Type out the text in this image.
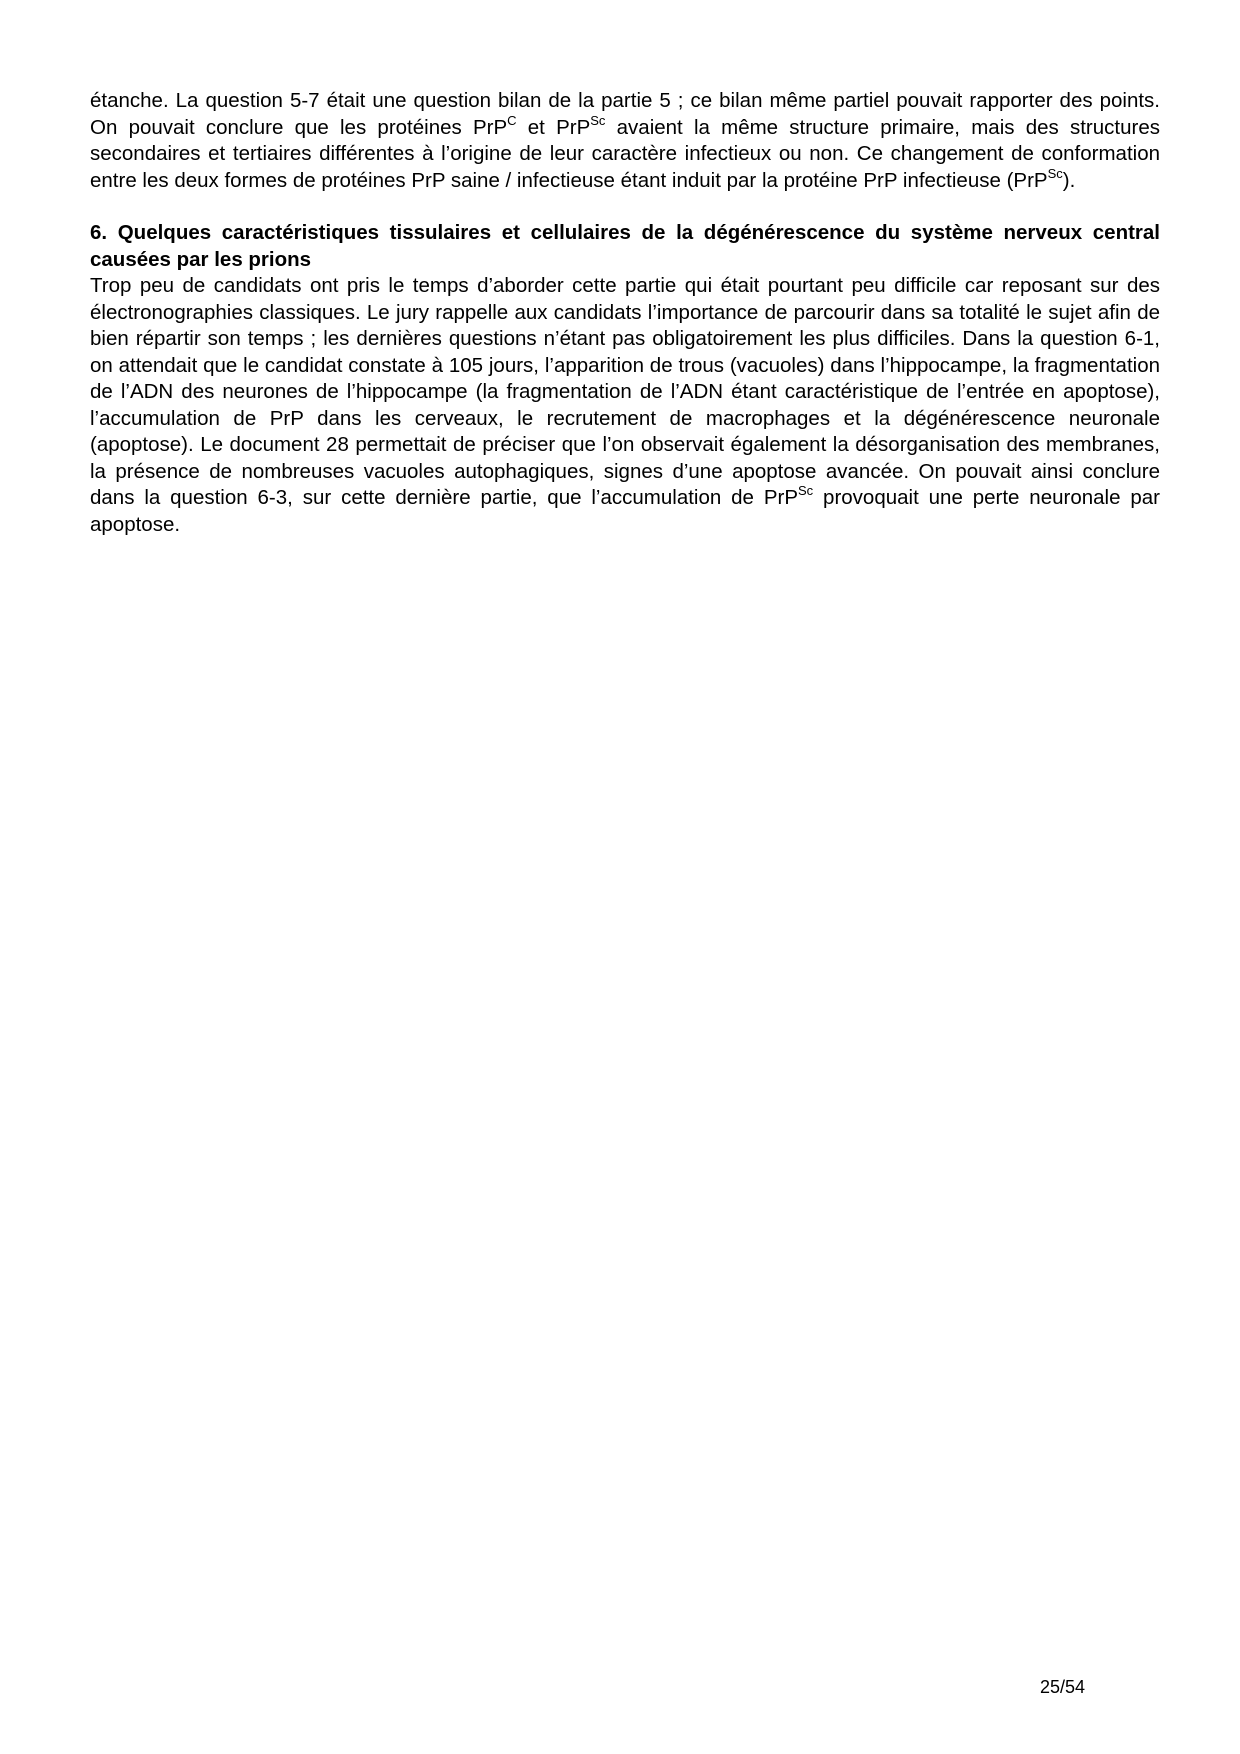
étanche. La question 5-7 était une question bilan de la partie 5 ; ce bilan même partiel pouvait rapporter des points. On pouvait conclure que les protéines PrP$^C$ et PrP$^{Sc}$ avaient la même structure primaire, mais des structures secondaires et tertiaires différentes à l’origine de leur caractère infectieux ou non. Ce changement de conformation entre les deux formes de protéines PrP saine / infectieuse étant induit par la protéine PrP infectieuse (PrP$^{Sc}$).

6. Quelques caractéristiques tissulaires et cellulaires de la dégénérescence du système nerveux central causées par les prions

Trop peu de candidats ont pris le temps d’aborder cette partie qui était pourtant peu difficile car reposant sur des électronographies classiques. Le jury rappelle aux candidats l’importance de parcourir dans sa totalité le sujet afin de bien répartir son temps ; les dernières questions n’étant pas obligatoirement les plus difficiles. Dans la question 6-1, on attendait que le candidat constate à 105 jours, l’apparition de trous (vacuoles) dans l’hippocampe, la fragmentation de l’ADN des neurones de l’hippocampe (la fragmentation de l’ADN étant caractéristique de l’entrée en apoptose), l’accumulation de PrP dans les cerveaux, le recrutement de macrophages et la dégénérescence neuronale (apoptose). Le document 28 permettait de préciser que l’on observait également la désorganisation des membranes, la présence de nombreuses vacuoles autophagiques, signes d’une apoptose avancée. On pouvait ainsi conclure dans la question 6-3, sur cette dernière partie, que l’accumulation de PrP$^{Sc}$ provoquait une perte neuronale par apoptose.

25/54
